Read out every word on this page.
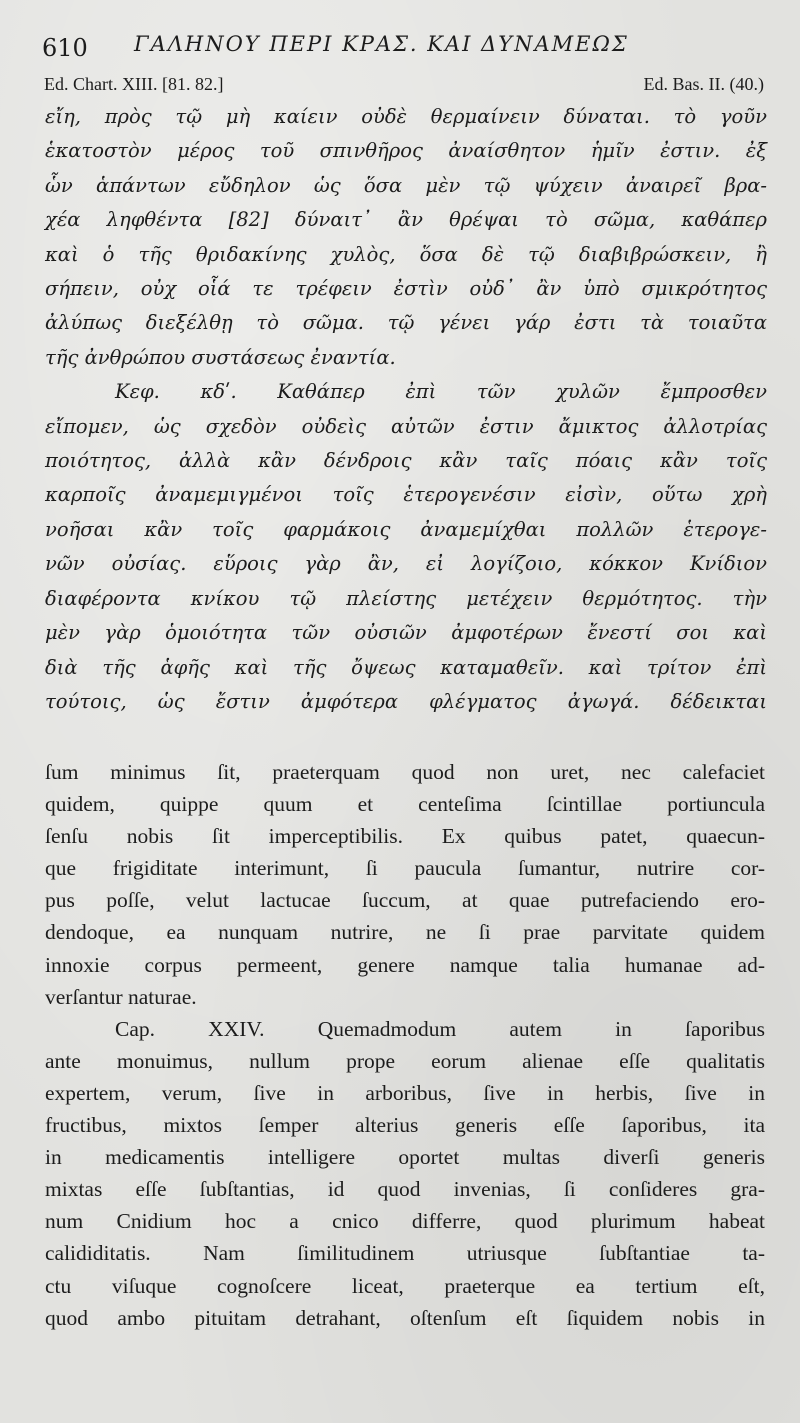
610 ΓΑΛΗΝΟΥ ΠΕΡΙ ΚΡΑΣ. ΚΑΙ ΔΥΝΑΜΕΩΣ
Ed. Chart. XIII. [81. 82.]	Ed. Bas. II. (40.)
εἴη, πρὸς τῷ μὴ καίειν οὐδὲ θερμαίνειν δύναται. τὸ γοῦν
ἑκατοστὸν μέρος τοῦ σπινθῆρος ἀναίσθητον ἡμῖν ἐστιν. ἐξ
ὧν ἁπάντων εὔδηλον ὡς ὅσα μὲν τῷ ψύχειν ἀναιρεῖ βρα-
χέα ληφθέντα [82] δύναιτ᾽ ἂν θρέψαι τὸ σῶμα, καθάπερ
καὶ ὁ τῆς θριδακίνης χυλὸς, ὅσα δὲ τῷ διαβιβρώσκειν, ἢ
σήπειν, οὐχ οἷά τε τρέφειν ἐστὶν οὐδ᾽ ἂν ὑπὸ σμικρότητος
ἀλύπως διεξέλθῃ τὸ σῶμα. τῷ γένει γάρ ἐστι τὰ τοιαῦτα
τῆς ἀνθρώπου συστάσεως ἐναντία.
Κεφ. κδʹ. Καθάπερ ἐπὶ τῶν χυλῶν ἔμπροσθεν
εἴπομεν, ὡς σχεδὸν οὐδεὶς αὐτῶν ἐστιν ἄμικτος ἀλλοτρίας
ποιότητος, ἀλλὰ κἂν δένδροις κἂν ταῖς πόαις κἂν τοῖς
καρποῖς ἀναμεμιγμένοι τοῖς ἑτερογενέσιν εἰσὶν, οὕτω χρὴ
νοῆσαι κἂν τοῖς φαρμάκοις ἀναμεμίχθαι πολλῶν ἑτερογε-
νῶν οὐσίας. εὕροις γὰρ ἂν, εἰ λογίζοιο, κόκκον Κνίδιον
διαφέροντα κνίκου τῷ πλείστης μετέχειν θερμότητος. τὴν
μὲν γὰρ ὁμοιότητα τῶν οὐσιῶν ἀμφοτέρων ἔνεστί σοι καὶ
διὰ τῆς ἁφῆς καὶ τῆς ὄψεως καταμαθεῖν. καὶ τρίτον ἐπὶ
τούτοις, ὡς ἔστιν ἀμφότερα φλέγματος ἀγωγά. δέδεικται
ſum minimus ſit, praeterquam quod non uret, nec calefaciet
quidem, quippe quum et centeſima ſcintillae portiuncula
ſenſu nobis ſit imperceptibilis. Ex quibus patet, quaecun-
que frigiditate interimunt, ſi paucula ſumantur, nutrire cor-
pus poſſe, velut lactucae ſuccum, at quae putrefaciendo ero-
dendoque, ea nunquam nutrire, ne ſi prae parvitate quidem
innoxie corpus permeent, genere namque talia humanae ad-
verſantur naturae.
Cap. XXIV. Quemadmodum autem in ſaporibus
ante monuimus, nullum prope eorum alienae eſſe qualitatis
expertem, verum, ſive in arboribus, ſive in herbis, ſive in
fructibus, mixtos ſemper alterius generis eſſe ſaporibus, ita
in medicamentis intelligere oportet multas diverſi generis
mixtas eſſe ſubſtantias, id quod invenias, ſi conſideres gra-
num Cnidium hoc a cnico differre, quod plurimum habeat
calididitatis. Nam ſimilitudinem utriusque ſubſtantiae ta-
ctu viſuque cognoſcere liceat, praeterque ea tertium eſt,
quod ambo pituitam detrahant, oſtenſum eſt ſiquidem nobis in
